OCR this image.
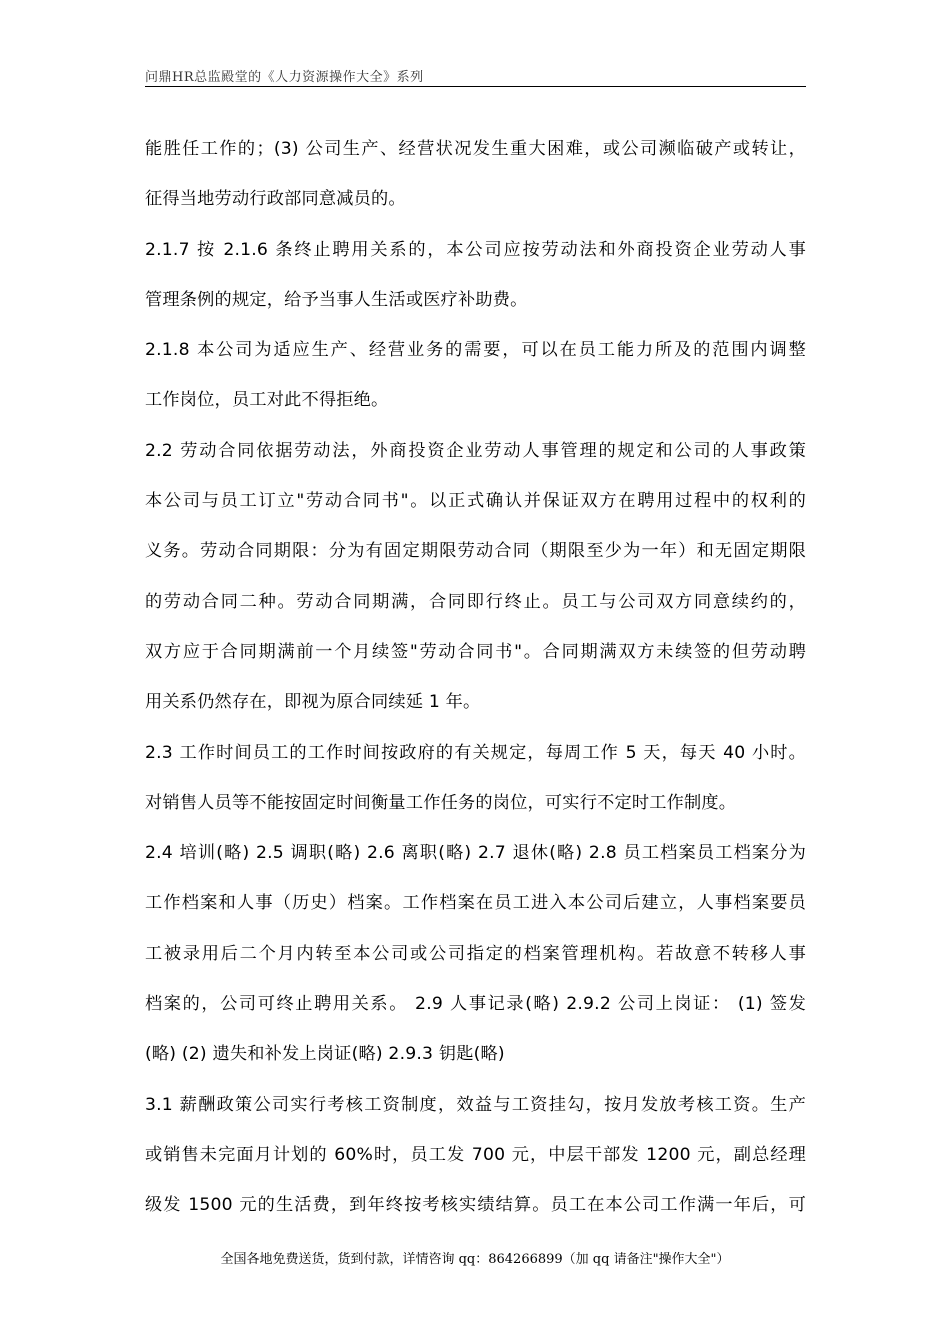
问鼎HR总监殿堂的《人力资源操作大全》系列
能胜任工作的；(3) 公司生产、经营状况发生重大困难，或公司濒临破产或转让，
征得当地劳动行政部同意减员的。
2.1.7 按 2.1.6 条终止聘用关系的，本公司应按劳动法和外商投资企业劳动人事
管理条例的规定，给予当事人生活或医疗补助费。
2.1.8 本公司为适应生产、经营业务的需要，可以在员工能力所及的范围内调整
工作岗位，员工对此不得拒绝。
2.2 劳动合同依据劳动法，外商投资企业劳动人事管理的规定和公司的人事政策
本公司与员工订立"劳动合同书"。以正式确认并保证双方在聘用过程中的权利的
义务。劳动合同期限：分为有固定期限劳动合同（期限至少为一年）和无固定期限
的劳动合同二种。劳动合同期满，合同即行终止。员工与公司双方同意续约的，
双方应于合同期满前一个月续签"劳动合同书"。合同期满双方未续签的但劳动聘
用关系仍然存在，即视为原合同续延 1 年。
2.3 工作时间员工的工作时间按政府的有关规定，每周工作 5 天，每天 40 小时。
对销售人员等不能按固定时间衡量工作任务的岗位，可实行不定时工作制度。
2.4 培训(略) 2.5 调职(略) 2.6 离职(略) 2.7 退休(略) 2.8 员工档案员工档案分为
工作档案和人事（历史）档案。工作档案在员工进入本公司后建立，人事档案要员
工被录用后二个月内转至本公司或公司指定的档案管理机构。若故意不转移人事
档案的，公司可终止聘用关系。 2.9 人事记录(略) 2.9.2 公司上岗证： (1) 签发
(略) (2) 遗失和补发上岗证(略) 2.9.3 钥匙(略)
3.1 薪酬政策公司实行考核工资制度，效益与工资挂勾，按月发放考核工资。生产
或销售未完面月计划的 60%时，员工发 700 元，中层干部发 1200 元，副总经理
级发 1500 元的生活费，到年终按考核实绩结算。员工在本公司工作满一年后，可
全国各地免费送货，货到付款，详情咨询 qq：864266899（加 qq 请备注"操作大全"）
